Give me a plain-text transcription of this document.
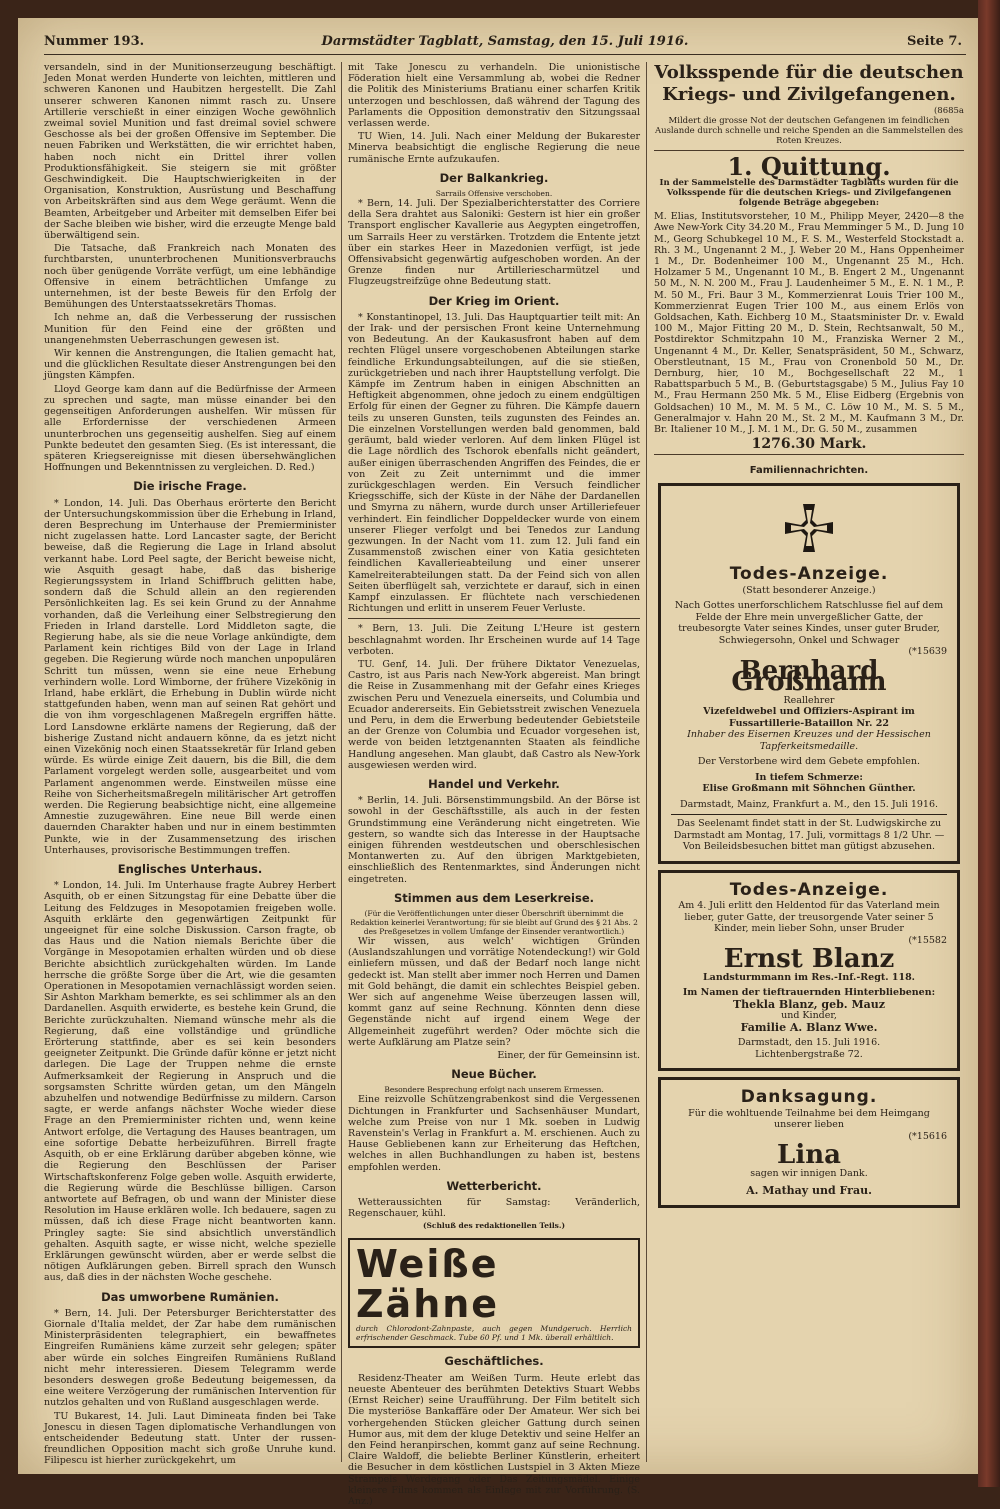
Nummer 193.	Darmstädter Tagblatt, Samstag, den 15. Juli 1916.	Seite 7.

versandeln, sind in der Munitionserzeugung beschäftigt. Jeden Monat werden Hunderte von leichten, mittleren und schweren Kanonen und Haubitzen hergestellt. Die Zahl unserer schweren Kanonen nimmt rasch zu. Unsere Artillerie verschießt in einer einzigen Woche gewöhnlich zweimal soviel Munition und fast dreimal soviel schwere Geschosse als bei der großen Offensive im September. Die neuen Fabriken und Werkstätten, die wir errichtet haben, haben noch nicht ein Drittel ihrer vollen Produktionsfähigkeit. Sie steigern sie mit größter Geschwindigkeit. Die Hauptschwierigkeiten in der Organisation, Konstruktion, Ausrüstung und Beschaffung von Arbeitskräften sind aus dem Wege geräumt. Wenn die Beamten, Arbeitgeber und Arbeiter mit demselben Eifer bei der Sache bleiben wie bisher, wird die erzeugte Menge bald überwältigend sein.

Die Tatsache, daß Frankreich nach Monaten des furchtbarsten, ununterbrochenen Munitionsverbrauchs noch über genügende Vorräte verfügt, um eine lebhändige Offensive in einem beträchtlichen Umfange zu unternehmen, ist der beste Beweis für den Erfolg der Bemühungen des Unterstaatssekretärs Thomas.

Ich nehme an, daß die Verbesserung der russischen Munition für den Feind eine der größten und unangenehmsten Ueberraschungen gewesen ist.

Wir kennen die Anstrengungen, die Italien gemacht hat, und die glücklichen Resultate dieser Anstrengungen bei den jüngsten Kämpfen.

Lloyd George kam dann auf die Bedürfnisse der Armeen zu sprechen und sagte, man müsse einander bei den gegenseitigen Anforderungen aushelfen. Wir müssen für alle Erfordernisse der verschiedenen Armeen ununterbrochen uns gegenseitig aushelfen. Sieg auf einem Punkte bedeutet den gesamten Sieg. (Es ist interessant, die späteren Kriegsereignisse mit diesen übersehwänglichen Hoffnungen und Bekenntnissen zu vergleichen. D. Red.)

Die irische Frage.

* London, 14. Juli. Das Oberhaus erörterte den Bericht der Untersuchungskommission über die Erhebung in Irland, deren Besprechung im Unterhause der Premierminister nicht zugelassen hatte. Lord Lancaster sagte, der Bericht beweise, daß die Regierung die Lage in Irland absolut verkannt habe. Lord Peel sagte, der Bericht beweise nicht, wie Asquith gesagt habe, daß das bisherige Regierungssystem in Irland Schiffbruch gelitten habe, sondern daß die Schuld allein an den regierenden Persönlichkeiten lag. Es sei kein Grund zu der Annahme vorhanden, daß die Verleihung einer Selbstregierung den Frieden in Irland darstelle. Lord Middleton sagte, die Regierung habe, als sie die neue Vorlage ankündigte, dem Parlament kein richtiges Bild von der Lage in Irland gegeben. Die Regierung würde noch manchen unpopulären Schritt tun müssen, wenn sie eine neue Erhebung verhindern wolle. Lord Wimborne, der frühere Vizekönig in Irland, habe erklärt, die Erhebung in Dublin würde nicht stattgefunden haben, wenn man auf seinen Rat gehört und die von ihm vorgeschlagenen Maßregeln ergriffen hätte. Lord Lansdowne erklärte namens der Regierung, daß der bisherige Zustand nicht andauern könne, da es jetzt nicht einen Vizekönig noch einen Staatssekretär für Irland geben würde. Es würde einige Zeit dauern, bis die Bill, die dem Parlament vorgelegt werden solle, ausgearbeitet und vom Parlament angenommen werde. Einstweilen müsse eine Reihe von Sicherheitsmaßregeln militärischer Art getroffen werden. Die Regierung beabsichtige nicht, eine allgemeine Amnestie zuzugewähren. Eine neue Bill werde einen dauernden Charakter haben und nur in einem bestimmten Punkte, wie in der Zusammensetzung des irischen Unterhauses, provisorische Bestimmungen treffen.

Englisches Unterhaus.

* London, 14. Juli. Im Unterhause fragte Aubrey Herbert Asquith, ob er einen Sitzungstag für eine Debatte über die Leitung des Feldzuges in Mesopotamien freigeben wolle. Asquith erklärte den gegenwärtigen Zeitpunkt für ungeeignet für eine solche Diskussion. Carson fragte, ob das Haus und die Nation niemals Berichte über die Vorgänge in Mesopotamien erhalten würden und ob diese Berichte absichtlich zurückgehalten würden. Im Lande herrsche die größte Sorge über die Art, wie die gesamten Operationen in Mesopotamien vernachlässigt worden seien. Sir Ashton Markham bemerkte, es sei schlimmer als an den Dardanellen. Asquith erwiderte, es bestehe kein Grund, die Berichte zurückzuhalten. Niemand wünsche mehr als die Regierung, daß eine vollständige und gründliche Erörterung stattfinde, aber es sei kein besonders geeigneter Zeitpunkt. Die Gründe dafür könne er jetzt nicht darlegen. Die Lage der Truppen nehme die ernste Aufmerksamkeit der Regierung in Anspruch und die sorgsamsten Schritte würden getan, um den Mängeln abzuhelfen und notwendige Bedürfnisse zu mildern. Carson sagte, er werde anfangs nächster Woche wieder diese Frage an den Premierminister richten und, wenn keine Antwort erfolge, die Vertagung des Hauses beantragen, um eine sofortige Debatte herbeizuführen. Birrell fragte Asquith, ob er eine Erklärung darüber abgeben könne, wie die Regierung den Beschlüssen der Pariser Wirtschaftskonferenz Folge geben wolle. Asquith erwiderte, die Regierung würde die Beschlüsse billigen. Carson antwortete auf Befragen, ob und wann der Minister diese Resolution im Hause erklären wolle. Ich bedauere, sagen zu müssen, daß ich diese Frage nicht beantworten kann. Pringley sagte: Sie sind absichtlich unverständlich gehalten. Asquith sagte, er wisse nicht, welche spezielle Erklärungen gewünscht würden, aber er werde selbst die nötigen Aufklärungen geben. Birrell sprach den Wunsch aus, daß dies in der nächsten Woche geschehe.

Das umworbene Rumänien.

* Bern, 14. Juli. Der Petersburger Berichterstatter des Giornale d'Italia meldet, der Zar habe dem rumänischen Ministerpräsidenten telegraphiert, ein bewaffnetes Eingreifen Rumäniens käme zurzeit sehr gelegen; später aber würde ein solches Eingreifen Rumäniens Rußland nicht mehr interessieren. Diesem Telegramm werde besonders deswegen große Bedeutung beigemessen, da eine weitere Verzögerung der rumänischen Intervention für nutzlos gehalten und von Rußland ausgeschlagen werde.

TU Bukarest, 14. Juli. Laut Dimineata finden bei Take Jonescu in diesen Tagen diplomatische Verhandlungen von entscheidender Bedeutung statt. Unter der russen-freundlichen Opposition macht sich große Unruhe kund. Filipescu ist hierher zurückgekehrt, um

mit Take Jonescu zu verhandeln. Die unionistische Föderation hielt eine Versammlung ab, wobei die Redner die Politik des Ministeriums Bratianu einer scharfen Kritik unterzogen und beschlossen, daß während der Tagung des Parlaments die Opposition demonstrativ den Sitzungssaal verlassen werde.

TU Wien, 14. Juli. Nach einer Meldung der Bukarester Minerva beabsichtigt die englische Regierung die neue rumänische Ernte aufzukaufen.

Der Balkankrieg.
Sarrails Offensive verschoben.

* Bern, 14. Juli. Der Spezialberichterstatter des Corriere della Sera drahtet aus Saloniki: Gestern ist hier ein großer Transport englischer Kavallerie aus Aegypten eingetroffen, um Sarrails Heer zu verstärken. Trotzdem die Entente jetzt über ein starkes Heer in Mazedonien verfügt, ist jede Offensivabsicht gegenwärtig aufgeschoben worden. An der Grenze finden nur Artilleriescharmützel und Flugzeugstreifzüge ohne Bedeutung statt.

Der Krieg im Orient.

* Konstantinopel, 13. Juli. Das Hauptquartier teilt mit: An der Irak- und der persischen Front keine Unternehmung von Bedeutung. An der Kaukasusfront haben auf dem rechten Flügel unsere vorgeschobenen Abteilungen starke feindliche Erkundungsabteilungen, auf die sie stießen, zurückgetrieben und nach ihrer Hauptstellung verfolgt. Die Kämpfe im Zentrum haben in einigen Abschnitten an Heftigkeit abgenommen, ohne jedoch zu einem endgültigen Erfolg für einen der Gegner zu führen. Die Kämpfe dauern teils zu unseren Gunsten, teils zugunsten des Feindes an. Die einzelnen Vorstellungen werden bald genommen, bald geräumt, bald wieder verloren. Auf dem linken Flügel ist die Lage nördlich des Tschorok ebenfalls nicht geändert, außer einigen überraschenden Angriffen des Feindes, die er von Zeit zu Zeit unternimmt und die immer zurückgeschlagen werden. Ein Versuch feindlicher Kriegsschiffe, sich der Küste in der Nähe der Dardanellen und Smyrna zu nähern, wurde durch unser Artilleriefeuer verhindert. Ein feindlicher Doppeldecker wurde von einem unserer Flieger verfolgt und bei Tenedos zur Landung gezwungen. In der Nacht vom 11. zum 12. Juli fand ein Zusammenstoß zwischen einer von Katia gesichteten feindlichen Kavallerieabteilung und einer unserer Kamelreiterabteilungen statt. Da der Feind sich von allen Seiten überflügelt sah, verzichtete er darauf, sich in einen Kampf einzulassen. Er flüchtete nach verschiedenen Richtungen und erlitt in unserem Feuer Verluste.

* Bern, 13. Juli. Die Zeitung L'Heure ist gestern beschlagnahmt worden. Ihr Erscheinen wurde auf 14 Tage verboten.

TU. Genf, 14. Juli. Der frühere Diktator Venezuelas, Castro, ist aus Paris nach New-York abgereist. Man bringt die Reise in Zusammenhang mit der Gefahr eines Krieges zwischen Peru und Venezuela einerseits, und Columbia und Ecuador andererseits. Ein Gebietsstreit zwischen Venezuela und Peru, in dem die Erwerbung bedeutender Gebietsteile an der Grenze von Columbia und Ecuador vorgesehen ist, werde von beiden letztgenannten Staaten als feindliche Handlung angesehen. Man glaubt, daß Castro als New-York ausgewiesen werden wird.

Handel und Verkehr.

* Berlin, 14. Juli. Börsenstimmungsbild. An der Börse ist sowohl in der Geschäftsstille, als auch in der festen Grundstimmung eine Veränderung nicht eingetreten. Wie gestern, so wandte sich das Interesse in der Hauptsache einigen führenden westdeutschen und oberschlesischen Montanwerten zu. Auf den übrigen Marktgebieten, einschließlich des Rentenmarktes, sind Änderungen nicht eingetreten.

Stimmen aus dem Leserkreise.
(Für die Veröffentlichungen unter dieser Überschrift übernimmt die Redaktion keinerlei Verantwortung; für sie bleibt auf Grund des § 21 Abs. 2 des Preßgesetzes in vollem Umfange der Einsender verantwortlich.)

Wir wissen, aus welch' wichtigen Gründen (Auslandszahlungen und vorrätige Notendeckung!) wir Gold einliefern müssen, und daß der Bedarf noch lange nicht gedeckt ist. Man stellt aber immer noch Herren und Damen mit Gold behängt, die damit ein schlechtes Beispiel geben. Wer sich auf angenehme Weise überzeugen lassen will, kommt ganz auf seine Rechnung. Könnten denn diese Gegenstände nicht auf irgend einem Wege der Allgemeinheit zugeführt werden? Oder möchte sich die werte Aufklärung am Platze sein?

Einer, der für Gemeinsinn ist.

Neue Bücher.
Besondere Besprechung erfolgt nach unserem Ermessen.

Eine reizvolle Schützengrabenkost sind die Vergessenen Dichtungen in Frankfurter und Sachsenhäuser Mundart, welche zum Preise von nur 1 Mk. soeben in Ludwig Ravenstein's Verlag in Frankfurt a. M. erschienen. Auch zu Hause Gebliebenen kann zur Erheiterung das Heftchen, welches in allen Buchhandlungen zu haben ist, bestens empfohlen werden.

Wetterbericht.

Wetteraussichten für Samstag: Veränderlich, Regenschauer, kühl.

(Schluß des redaktionellen Teils.)
Weiße Zähne
durch Chlorodont-Zahnpaste, auch gegen Mundgeruch. Herrlich erfrischender Geschmack. Tube 60 Pf. und 1 Mk. überall erhältlich.
Geschäftliches.

Residenz-Theater am Weißen Turm. Heute erlebt das neueste Abenteuer des berühmten Detektivs Stuart Webbs (Ernst Reicher) seine Uraufführung. Der Film betitelt sich Die mysteriöse Bankaffäre oder Der Amateur. Wer sich bei vorhergehenden Stücken gleicher Gattung durch seinen Humor aus, mit dem der kluge Detektiv und seine Helfer an den Feind heranpirschen, kommt ganz auf seine Rechnung. Claire Waldoff, die beliebte Berliner Künstlerin, erheitert die Besucher in dem köstlichen Lustspiel in 3 Akten Mieze Strampels Werdegang oder Das Zeitungsmädel. Einige kleinere Films kommen als Einlage mit zur Vorführung. (S. Anz.)

Volksspende für die deutschen Kriegs- und Zivilgefangenen.
(8685a
Mildert die grosse Not der deutschen Gefangenen im feindlichen Auslande durch schnelle und reiche Spenden an die Sammelstellen des Roten Kreuzes.
1. Quittung.
In der Sammelstelle des Darmstädter Tagblatts wurden für die Volksspende für die deutschen Kriegs- und Zivilgefangenen folgende Beträge abgegeben:

M. Elias, Institutsvorsteher, 10 M., Philipp Meyer, 2420—8 the Awe New-York City 34.20 M., Frau Memminger 5 M., D. Jung 10 M., Georg Schubkegel 10 M., F. S. M., Westerfeld Stockstadt a. Rh. 3 M., Ungenannt 2 M., J. Weber 20 M., Hans Oppenheimer 1 M., Dr. Bodenheimer 100 M., Ungenannt 25 M., Hch. Holzamer 5 M., Ungenannt 10 M., B. Engert 2 M., Ungenannt 50 M., N. N. 200 M., Frau J. Laudenheimer 5 M., E. N. 1 M., P. M. 50 M., Fri. Baur 3 M., Kommerzienrat Louis Trier 100 M., Kommerzienrat Eugen Trier 100 M., aus einem Erlös von Goldsachen, Kath. Eichberg 10 M., Staatsminister Dr. v. Ewald 100 M., Major Fitting 20 M., D. Stein, Rechtsanwalt, 50 M., Postdirektor Schmitzpahn 10 M., Franziska Werner 2 M., Ungenannt 4 M., Dr. Keller, Senatspräsident, 50 M., Schwarz, Oberstleutnant, 15 M., Frau von Cronenbold 50 M., Dr. Dernburg, hier, 10 M., Bochgesellschaft 22 M., 1 Rabattsparbuch 5 M., B. (Geburtstagsgabe) 5 M., Julius Fay 10 M., Frau Hermann 250 Mk. 5 M., Elise Eidberg (Ergebnis von Goldsachen) 10 M., M. M. 5 M., C. Löw 10 M., M. S. 5 M., Generalmajor v. Hahn 20 M., St. 2 M., M. Kaufmann 3 M., Dr. Br. Italiener 10 M., J. M. 1 M., Dr. G. 50 M., zusammen

1276.30 Mark.
Familiennachrichten.
Todes-Anzeige.
(Statt besonderer Anzeige.)
Nach Gottes unerforschlichem Ratschlusse fiel auf dem Felde der Ehre mein unvergeßlicher Gatte, der treubesorgte Vater seines Kindes, unser guter Bruder, Schwiegersohn, Onkel und Schwager
(*15639
Bernhard Großmann
Reallehrer
Vizefeldwebel und Offiziers-Aspirant im Fussartillerie-Bataillon Nr. 22
Inhaber des Eisernen Kreuzes und der Hessischen Tapferkeitsmedaille.
Der Verstorbene wird dem Gebete empfohlen.
In tiefem Schmerze:
Elise Großmann mit Söhnchen Günther.
Darmstadt, Mainz, Frankfurt a. M., den 15. Juli 1916.
Das Seelenamt findet statt in der St. Ludwigskirche zu Darmstadt am Montag, 17. Juli, vormittags 8 1/2 Uhr. — Von Beileidsbesuchen bittet man gütigst abzusehen.
Todes-Anzeige.
Am 4. Juli erlitt den Heldentod für das Vaterland mein lieber, guter Gatte, der treusorgende Vater seiner 5 Kinder, mein lieber Sohn, unser Bruder
(*15582
Ernst Blanz
Landsturmmann im Res.-Inf.-Regt. 118.
Im Namen der tieftrauernden Hinterbliebenen:
Thekla Blanz, geb. Mauz
und Kinder,
Familie A. Blanz Wwe.
Darmstadt, den 15. Juli 1916.
Lichtenbergstraße 72.
Danksagung.
Für die wohltuende Teilnahme bei dem Heimgang unserer lieben
(*15616
Lina
sagen wir innigen Dank.
A. Mathay und Frau.
